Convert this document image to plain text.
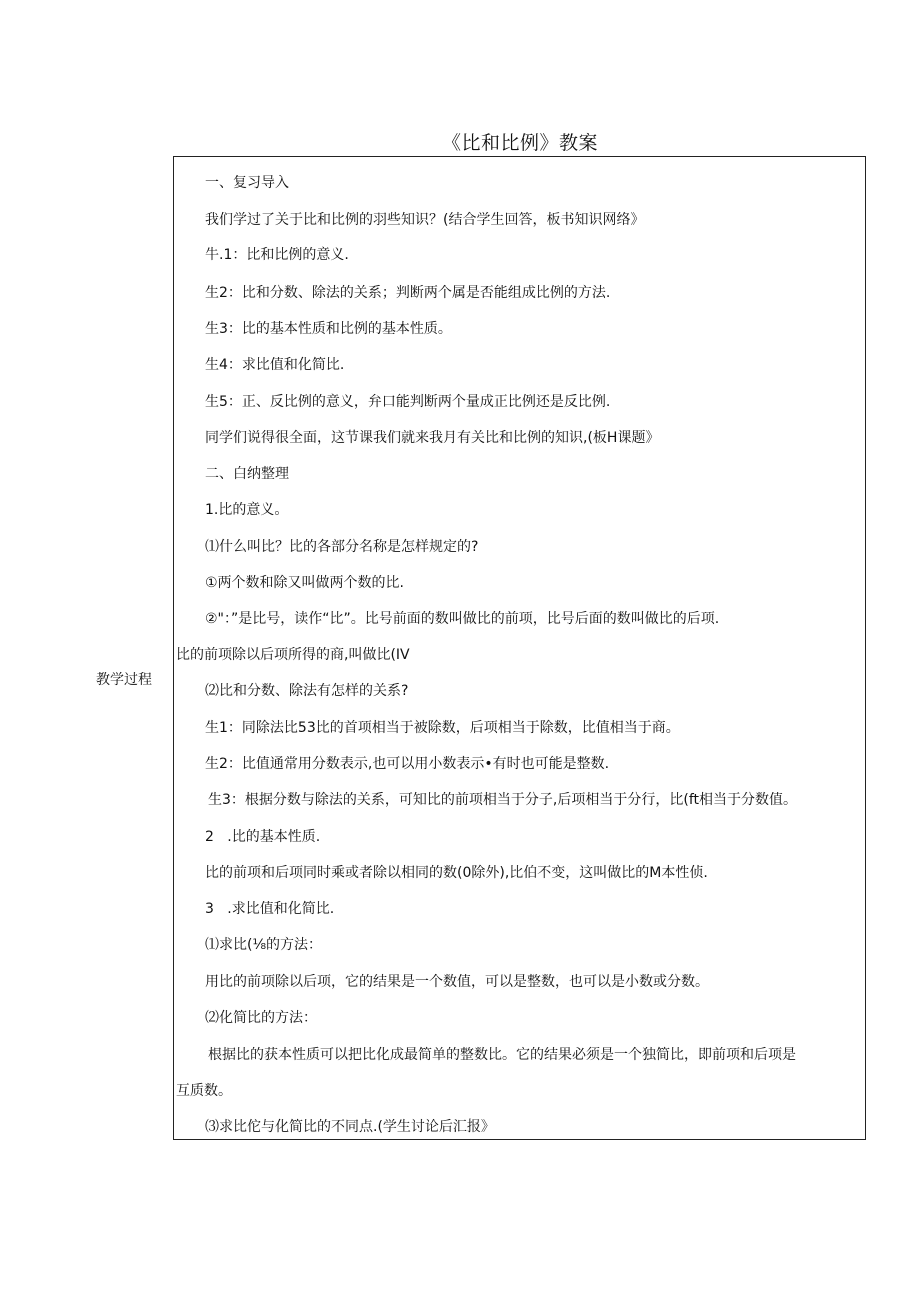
《比和比例》教案
教学过程
一、复习导入
我们学过了关于比和比例的羽些知识？(结合学生回答，板书知识网络》
牛.1：比和比例的意义.
生2：比和分数、除法的关系；判断两个属是否能组成比例的方法.
生3：比的基本性质和比例的基本性质。
生4：求比值和化简比.
生5：正、反比例的意义，弁口能判断两个量成正比例还是反比例.
同学们说得很全面，这节课我们就来我月有关比和比例的知识,(板H课题》
二、白纳整理
1.比的意义。
⑴什么叫比？比的各部分名称是怎样规定的?
①两个数和除又叫做两个数的比.
②"：”是比号，读作“比”。比号前面的数叫做比的前项，比号后面的数叫做比的后项.
比的前项除以后项所得的商,叫做比(IV
⑵比和分数、除法有怎样的关系?
生1：同除法比53比的首项相当于被除数，后项相当于除数，比值相当于商。
生2：比值通常用分数表示,也可以用小数表示•有时也可能是整数.
生3：根据分数与除法的关系，可知比的前项相当于分子,后项相当于分行，比(ft相当于分数值。
2   .比的基本性质.
比的前项和后项同时乘或者除以相同的数(0除外),比伯不变，这叫做比的M本性侦.
3   .求比值和化简比.
⑴求比(⅛的方法：
用比的前项除以后项，它的结果是一个数值，可以是整数，也可以是小数或分数。
⑵化简比的方法：
根据比的获本性质可以把比化成最简单的整数比。它的结果必须是一个独简比，即前项和后项是
互质数。
⑶求比佗与化简比的不同点.(学生讨论后汇报》
